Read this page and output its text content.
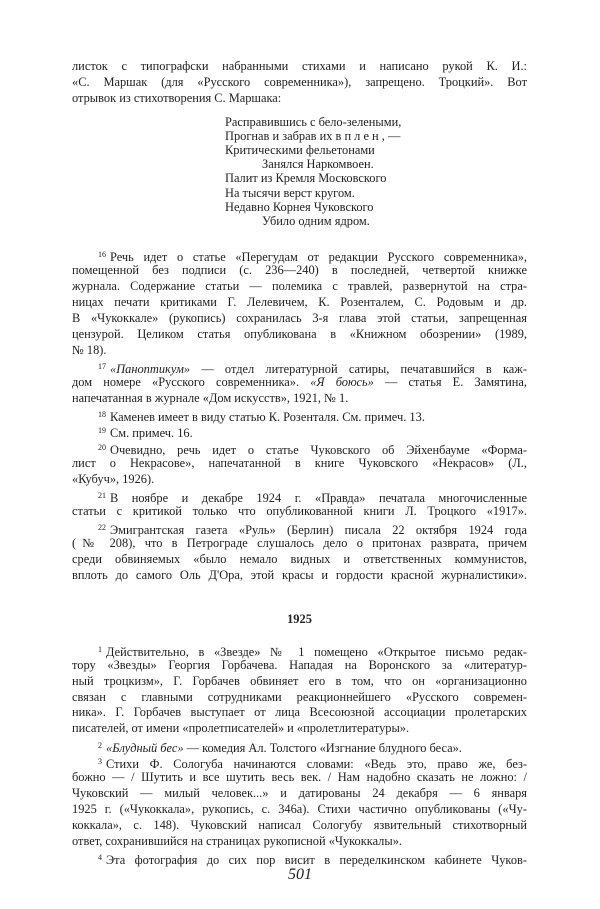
листок с типографски набранными стихами и написано рукой К. И.:
«С. Маршак (для «Русского современника»), запрещено. Троцкий». Вот
отрывок из стихотворения С. Маршака:
Расправившись с бело-зелеными,
Прогнав и забрав их в п л е н , —
Критическими фельетонами
Занялся Наркомвоен.
Палит из Кремля Московского
На тысячи верст кругом.
Недавно Корнея Чуковского
Убило одним ядром.
$^{16}$ Речь идет о статье «Перегудам от редакции Русского современника»,
помещенной без подписи (с. 236—240) в последней, четвертой книжке
журнала. Содержание статьи — полемика с травлей, развернутой на стра-
ницах печати критиками Г. Лелевичем, К. Розенталем, С. Родовым и др.
В «Чукоккале» (рукопись) сохранилась 3-я глава этой статьи, запрещенная
цензурой. Целиком статья опубликована в «Книжном обозрении» (1989,
№ 18).
$^{17}$ «Паноптикум» — отдел литературной сатиры, печатавшийся в каж-
дом номере «Русского современника». «Я боюсь» — статья Е. Замятина,
напечатанная в журнале «Дом искусств», 1921, № 1.
$^{18}$ Каменев имеет в виду статью К. Розенталя. См. примеч. 13.
$^{19}$ См. примеч. 16.
$^{20}$ Очевидно, речь идет о статье Чуковского об Эйхенбауме «Форма-
лист о Некрасове», напечатанной в книге Чуковского «Некрасов» (Л.,
«Кубуч», 1926).
$^{21}$ В ноябре и декабре 1924 г. «Правда» печатала многочисленные
статьи с критикой только что опубликованной книги Л. Троцкого «1917».
$^{22}$ Эмигрантская газета «Руль» (Берлин) писала 22 октября 1924 года
(№ 208), что в Петрограде слушалось дело о притонах разврата, причем
среди обвиняемых «было немало видных и ответственных коммунистов,
вплоть до самого Оль Д'Ора, этой красы и гордости красной журналистики».
1925
$^1$ Действительно, в «Звезде» № 1 помещено «Открытое письмо редак-
тору «Звезды» Георгия Горбачева. Нападая на Воронского за «литератур-
ный троцкизм», Г. Горбачев обвиняет его в том, что он «организационно
связан с главными сотрудниками реакционнейшего «Русского современ-
ника». Г. Горбачев выступает от лица Всесоюзной ассоциации пролетарских
писателей, от имени «пролетписателей» и «пролетлитературы».
$^2$ «Блудный бес» — комедия Ал. Толстого «Изгнание блудного беса».
$^3$ Стихи Ф. Сологуба начинаются словами: «Ведь это, право же, без-
божно — / Шутить и все шутить весь век. / Нам надобно сказать не ложно: /
Чуковский — милый человек...» и датированы 24 декабря — 6 января
1925 г. («Чукоккала», рукопись, с. 346а). Стихи частично опубликованы («Чу-
коккала», с. 148). Чуковский написал Сологубу язвительный стихотворный
ответ, сохранившийся на страницах рукописной «Чукоккалы».
$^4$ Эта фотография до сих пор висит в переделкинском кабинете Чуков-
501
